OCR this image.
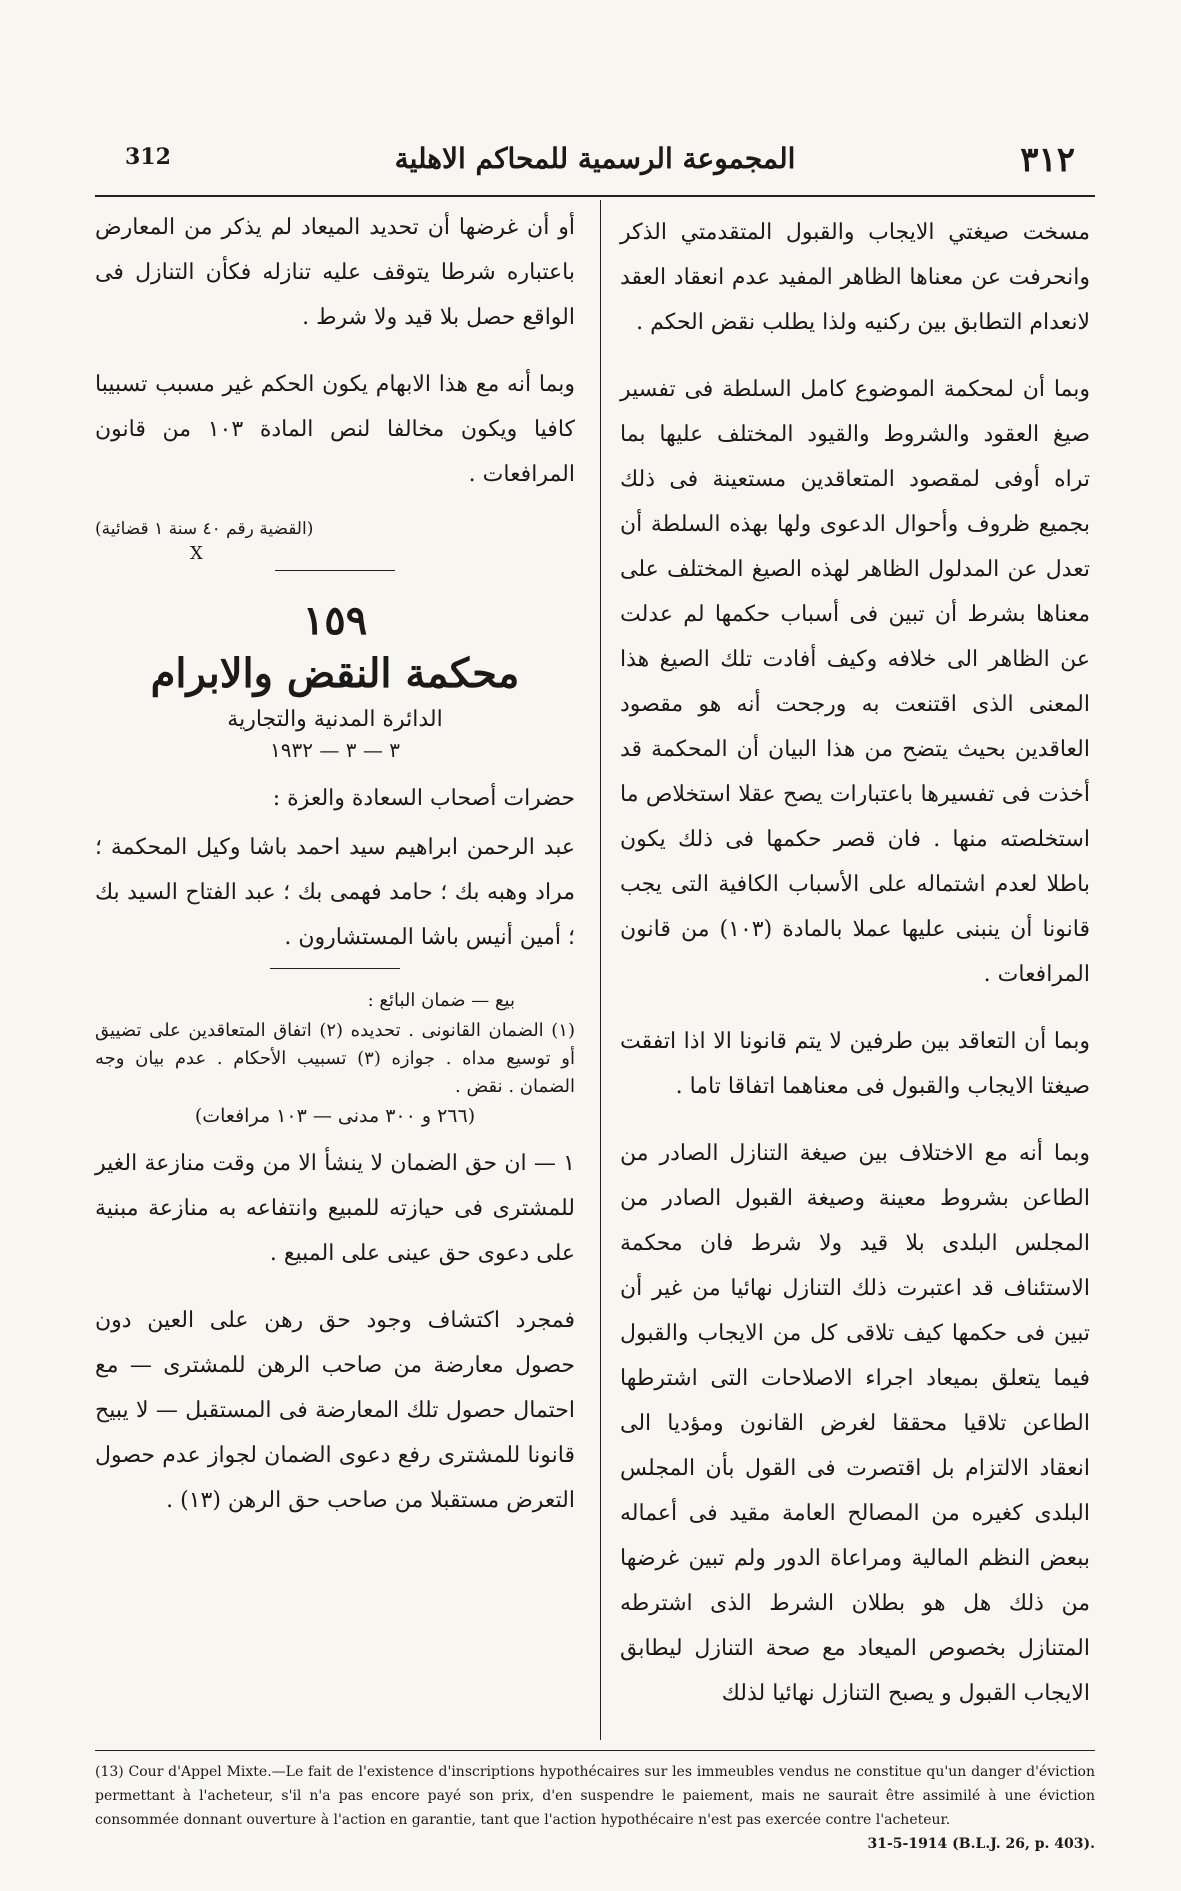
٣١٢
المجموعة الرسمية للمحاكم الاهلية
312

مسخت صيغتي الايجاب والقبول المتقدمتي الذكر وانحرفت عن معناها الظاهر المفيد عدم انعقاد العقد لانعدام التطابق بين ركنيه ولذا يطلب نقض الحكم .

وبما أن لمحكمة الموضوع كامل السلطة فى تفسير صيغ العقود والشروط والقيود المختلف عليها بما تراه أوفى لمقصود المتعاقدين مستعينة فى ذلك بجميع ظروف وأحوال الدعوى ولها بهذه السلطة أن تعدل عن المدلول الظاهر لهذه الصيغ المختلف على معناها بشرط أن تبين فى أسباب حكمها لم عدلت عن الظاهر الى خلافه وكيف أفادت تلك الصيغ هذا المعنى الذى اقتنعت به ورجحت أنه هو مقصود العاقدين بحيث يتضح من هذا البيان أن المحكمة قد أخذت فى تفسيرها باعتبارات يصح عقلا استخلاص ما استخلصته منها . فان قصر حكمها فى ذلك يكون باطلا لعدم اشتماله على الأسباب الكافية التى يجب قانونا أن ينبنى عليها عملا بالمادة (١٠٣) من قانون المرافعات .

وبما أن التعاقد بين طرفين لا يتم قانونا الا اذا اتفقت صيغتا الايجاب والقبول فى معناهما اتفاقا تاما .

وبما أنه مع الاختلاف بين صيغة التنازل الصادر من الطاعن بشروط معينة وصيغة القبول الصادر من المجلس البلدى بلا قيد ولا شرط فان محكمة الاستئناف قد اعتبرت ذلك التنازل نهائيا من غير أن تبين فى حكمها كيف تلاقى كل من الايجاب والقبول فيما يتعلق بميعاد اجراء الاصلاحات التى اشترطها الطاعن تلاقيا محققا لغرض القانون ومؤديا الى انعقاد الالتزام بل اقتصرت فى القول بأن المجلس البلدى كغيره من المصالح العامة مقيد فى أعماله ببعض النظم المالية ومراعاة الدور ولم تبين غرضها من ذلك هل هو بطلان الشرط الذى اشترطه المتنازل بخصوص الميعاد مع صحة التنازل ليطابق الايجاب القبول و يصبح التنازل نهائيا لذلك

أو أن غرضها أن تحديد الميعاد لم يذكر من المعارض باعتباره شرطا يتوقف عليه تنازله فكأن التنازل فى الواقع حصل بلا قيد ولا شرط .

وبما أنه مع هذا الابهام يكون الحكم غير مسبب تسبيبا كافيا ويكون مخالفا لنص المادة ١٠٣ من قانون المرافعات .

(القضية رقم ٤٠ سنة ١ قضائية)

X

١٥٩
محكمة النقض والابرام
الدائرة المدنية والتجارية
٣ — ٣ — ١٩٣٢

حضرات أصحاب السعادة والعزة :

عبد الرحمن ابراهيم سيد احمد باشا وكيل المحكمة ؛ مراد وهبه بك ؛ حامد فهمى بك ؛ عبد الفتاح السيد بك ؛ أمين أنيس باشا المستشارون .

بيع — ضمان البائع :

(١) الضمان القانونى . تحديده (٢) اتفاق المتعاقدين على تضييق أو توسيع مداه . جوازه (٣) تسبيب الأحكام . عدم بيان وجه الضمان . نقض .

(٢٦٦ و ٣٠٠ مدنى — ١٠٣ مرافعات)

١ — ان حق الضمان لا ينشأ الا من وقت منازعة الغير للمشترى فى حيازته للمبيع وانتفاعه به منازعة مبنية على دعوى حق عينى على المبيع .

فمجرد اكتشاف وجود حق رهن على العين دون حصول معارضة من صاحب الرهن للمشترى — مع احتمال حصول تلك المعارضة فى المستقبل — لا يبيح قانونا للمشترى رفع دعوى الضمان لجواز عدم حصول التعرض مستقبلا من صاحب حق الرهن (١٣) .

(13) Cour d'Appel Mixte.—Le fait de l'existence d'inscriptions hypothécaires sur les immeubles vendus ne constitue qu'un danger d'éviction permettant à l'acheteur, s'il n'a pas encore payé son prix, d'en suspendre le paiement, mais ne saurait être assimilé à une éviction consommée donnant ouverture à l'action en garantie, tant que l'action hypothécaire n'est pas exercée contre l'acheteur.
31-5-1914 (B.L.J. 26, p. 403).
